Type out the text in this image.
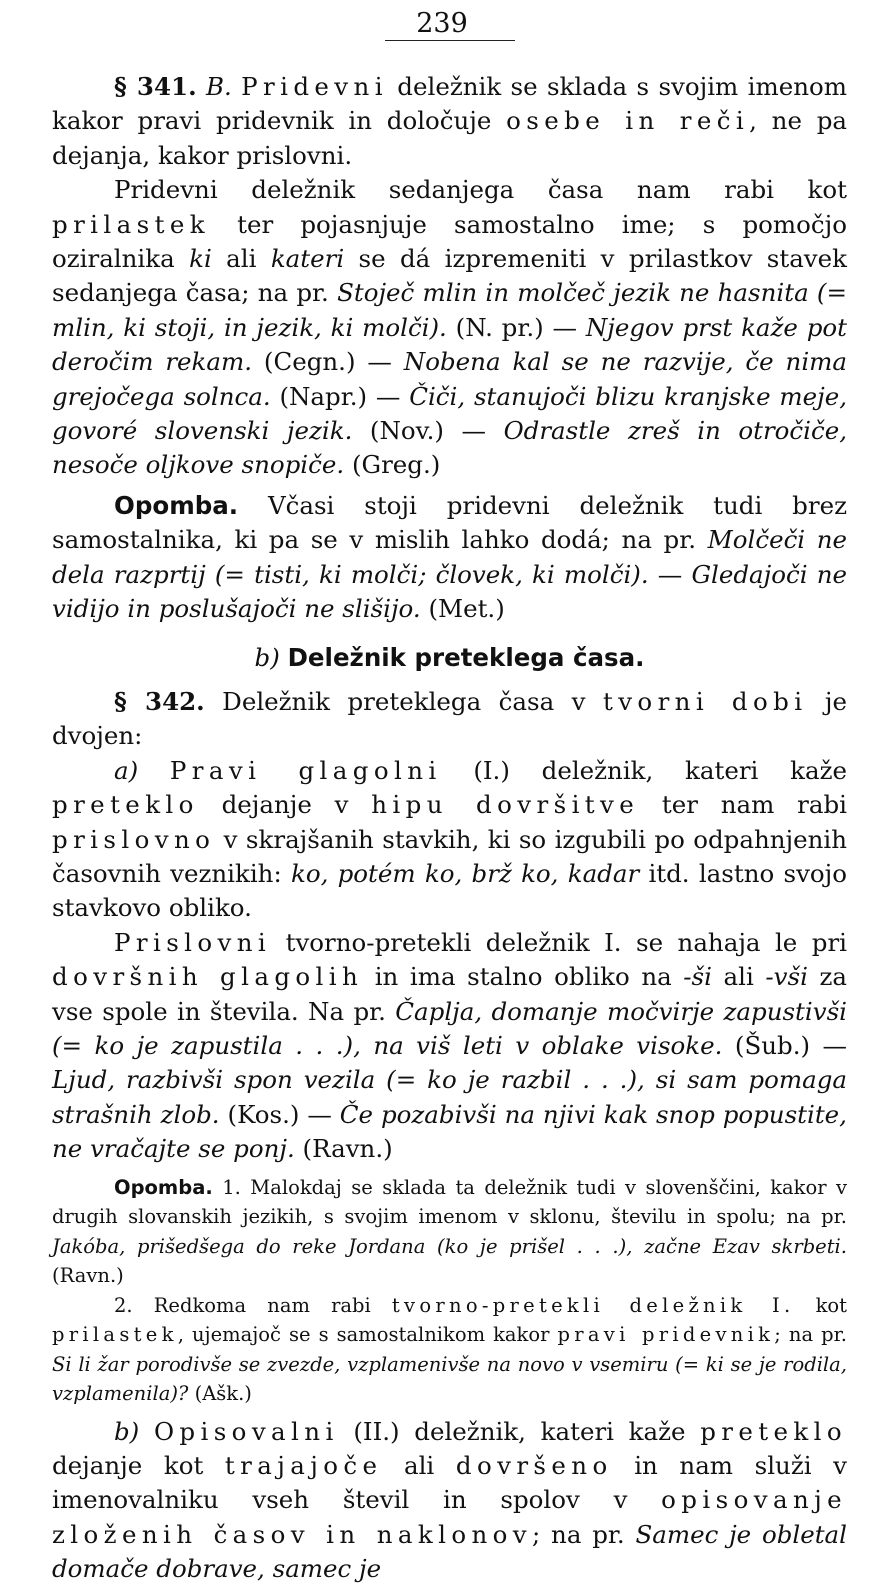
239

§ 341. B. Pridevni deležnik se sklada s svojim imenom kakor pravi pridevnik in določuje osebe in reči, ne pa dejanja, kakor prislovni.

Pridevni deležnik sedanjega časa nam rabi kot prilastek ter pojasnjuje samostalno ime; s pomočjo oziralnika ki ali kateri se dá izpremeniti v prilastkov stavek sedanjega časa; na pr. Stoječ mlin in molčeč jezik ne hasnita (= mlin, ki stoji, in jezik, ki molči). (N. pr.) — Njegov prst kaže pot deročim rekam. (Cegn.) — Nobena kal se ne razvije, če nima grejočega solnca. (Napr.) — Čiči, stanujoči blizu kranjske meje, govoré slovenski jezik. (Nov.) — Odrastle zreš in otročiče, nesoče oljkove snopiče. (Greg.)

Opomba. Včasi stoji pridevni deležnik tudi brez samostalnika, ki pa se v mislih lahko dodá; na pr. Molčeči ne dela razprtij (= tisti, ki molči; človek, ki molči). — Gledajoči ne vidijo in poslušajoči ne slišijo. (Met.)

b) Deležnik preteklega časa.

§ 342. Deležnik preteklega časa v tvorni dobi je dvojen:

a) Pravi glagolni (I.) deležnik, kateri kaže preteklo dejanje v hipu dovršitve ter nam rabi prislovno v skrajšanih stavkih, ki so izgubili po odpahnjenih časovnih veznikih: ko, potém ko, brž ko, kadar itd. lastno svojo stavkovo obliko.

Prislovni tvorno-pretekli deležnik I. se nahaja le pri dovršnih glagolih in ima stalno obliko na -ši ali -vši za vse spole in števila. Na pr. Čaplja, domanje močvirje zapustivši (= ko je zapustila . . .), na viš leti v oblake visoke. (Šub.) — Ljud, razbivši spon vezila (= ko je razbil . . .), si sam pomaga strašnih zlob. (Kos.) — Če pozabivši na njivi kak snop popustite, ne vračajte se ponj. (Ravn.)

Opomba. 1. Malokdaj se sklada ta deležnik tudi v slovenščini, kakor v drugih slovanskih jezikih, s svojim imenom v sklonu, številu in spolu; na pr. Jakóba, prišedšega do reke Jordana (ko je prišel . . .), začne Ezav skrbeti. (Ravn.)

2. Redkoma nam rabi tvorno-pretekli deležnik I. kot prilastek, ujemajoč se s samostalnikom kakor pravi pridevnik; na pr. Si li žar porodivše se zvezde, vzplamenivše na novo v vsemiru (= ki se je rodila, vzplamenila)? (Ašk.)

b) Opisovalni (II.) deležnik, kateri kaže preteklo dejanje kot trajajoče ali dovršeno in nam služi v imenovalniku vseh števil in spolov v opisovanje zloženih časov in naklonov; na pr. Samec je obletal domače dobrave, samec je
